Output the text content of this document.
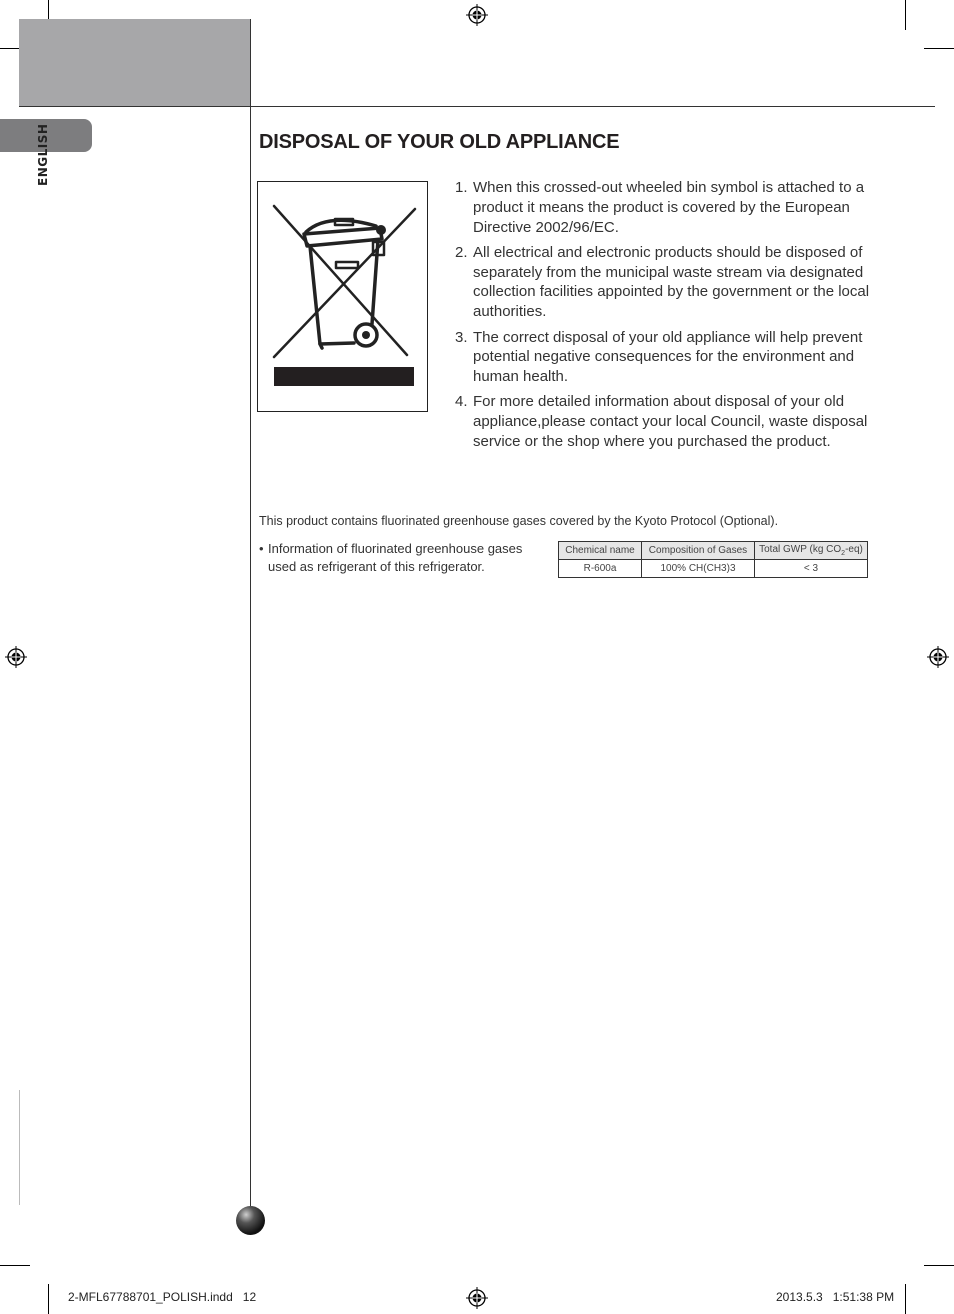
ENGLISH	DISPOSAL OF YOUR OLD APPLIANCE
1. When this crossed-out wheeled bin symbol is attached to a product it means the product is covered by the European Directive 2002/96/EC.
2. All electrical and electronic products should be disposed of separately from the municipal waste stream via designated collection facilities appointed by the government or the local authorities.
3. The correct disposal of your old appliance will help prevent potential negative consequences for the environment and human health.
4. For more detailed information about disposal of your old appliance,please contact your local Council, waste disposal service or the shop where you purchased the product.
This product contains fluorinated greenhouse gases covered by the Kyoto Protocol (Optional).
• Information of fluorinated greenhouse gases used as refrigerant of this refrigerator.
Chemical name	Composition of Gases	Total GWP (kg $CO_2-eq$)
R-600a	100% CH(CH3)3	< 3
2-MFL67788701_POLISH.indd   12	2013.5.3   1:51:38 PM
